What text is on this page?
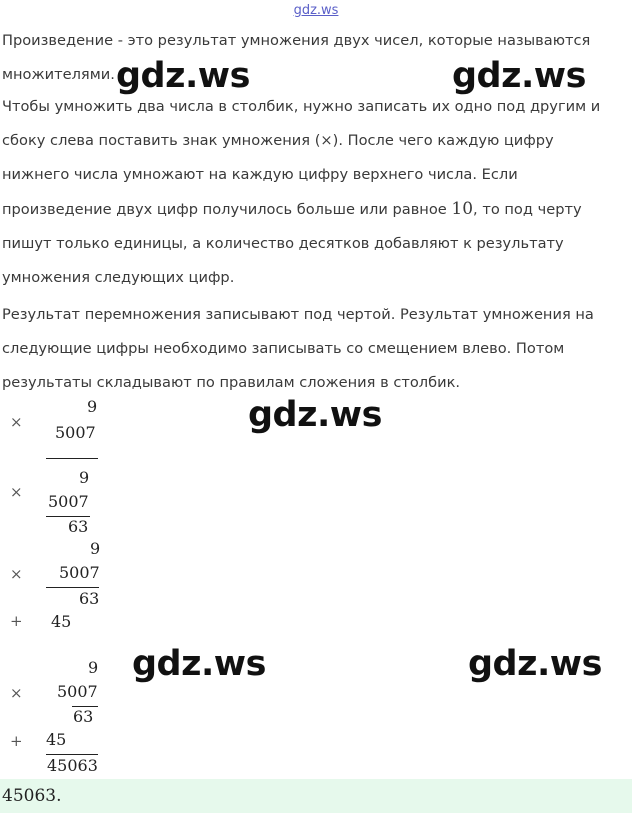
gdz.ws

Произведение - это результат умножения двух чисел, которые называются
множителями.

Чтобы умножить два числа в столбик, нужно записать их одно под другим и
сбоку слева поставить знак умножения (×). После чего каждую цифру
нижнего числа умножают на каждую цифру верхнего числа. Если
произведение двух цифр получилось больше или равное 10, то под черту
пишут только единицы, а количество десятков добавляют к результату
умножения следующих цифр.

Результат перемножения записывают под чертой. Результат умножения на
следующие цифры необходимо записывать со смещением влево. Потом
результаты складывают по правилам сложения в столбик.

×
9
5007
×
9
5007
63
9
× 5007
63
+ 45
9
× 5007
63
+ 45
45063
45063.
gdz.ws	gdz.ws
gdz.ws
gdz.ws	gdz.ws
